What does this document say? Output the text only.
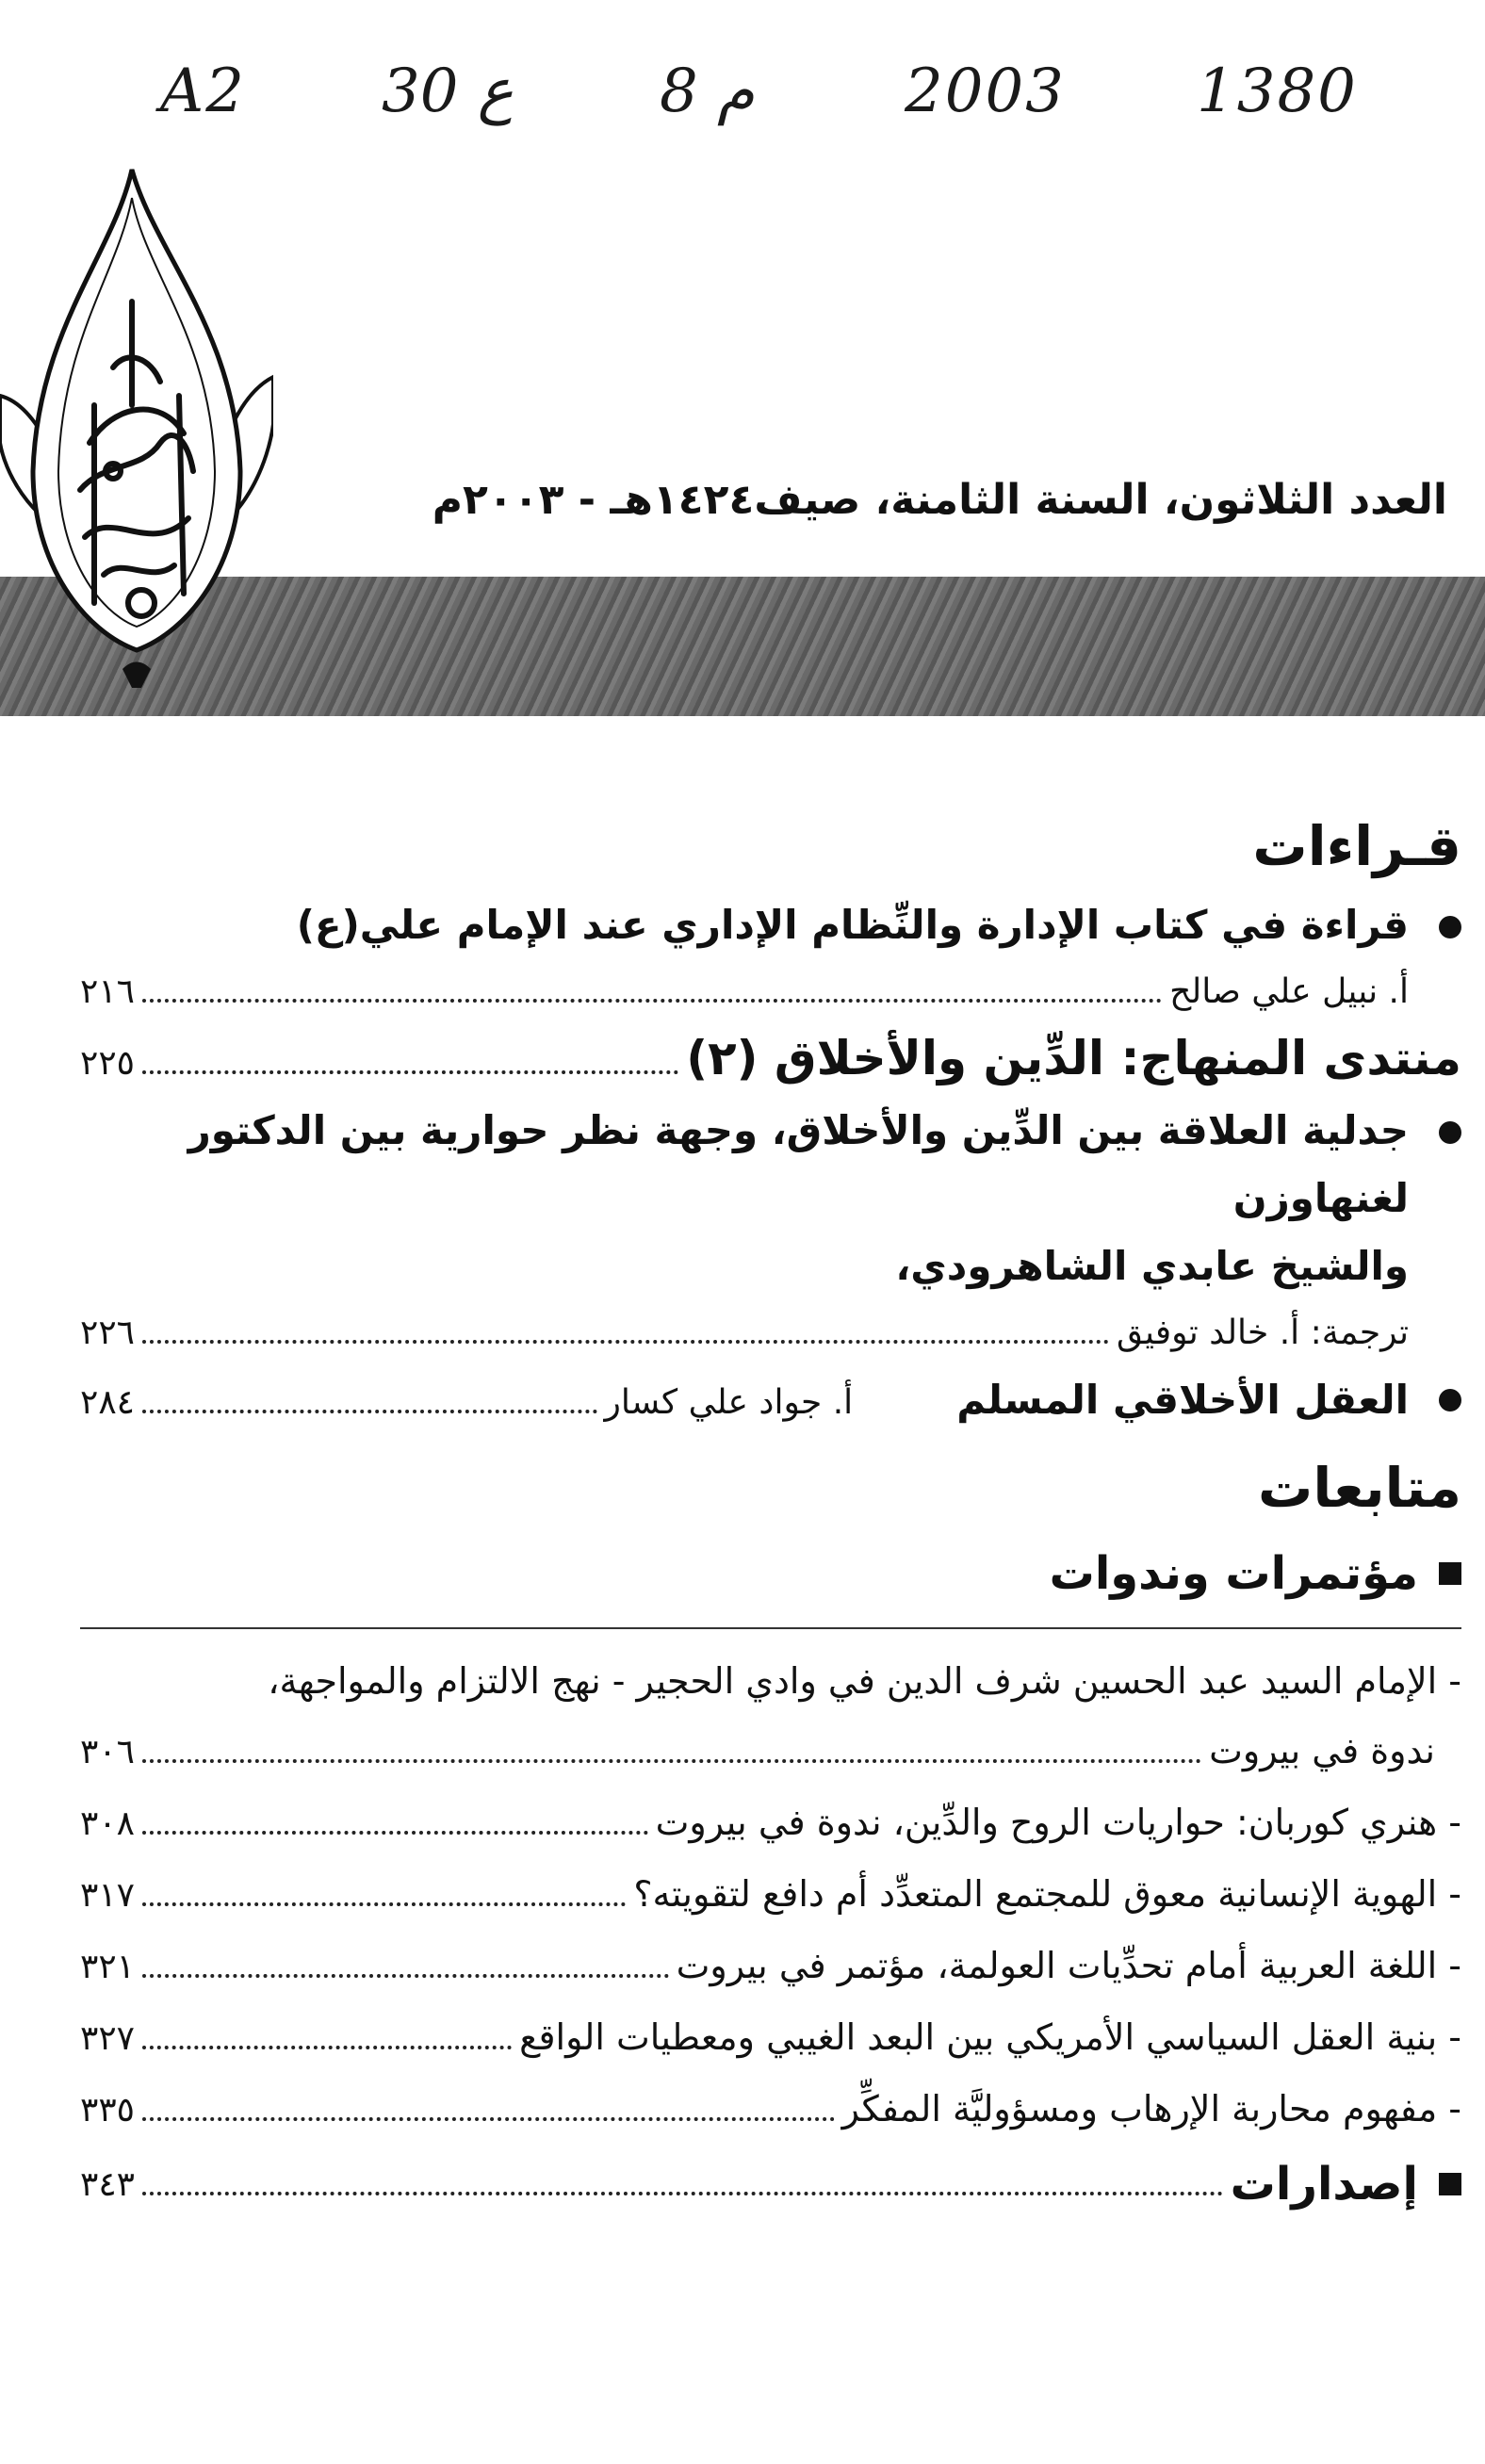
A2 30 ع 8 م 2003 1380
العدد الثلاثون، السنة الثامنة، صيف١٤٢٤هـ - ٢٠٠٣م
قـراءات
قراءة في كتاب الإدارة والنِّظام الإداري عند الإمام علي(ع)
أ. نبيل علي صالح
٢١٦
منتدى المنهاج: الدِّين والأخلاق (٢)
٢٢٥
جدلية العلاقة بين الدِّين والأخلاق، وجهة نظر حوارية بين الدكتور لغنهاوزن
والشيخ عابدي الشاهرودي،
ترجمة: أ. خالد توفيق
٢٢٦
العقل الأخلاقي المسلم
أ. جواد علي كسار
٢٨٤
متابعات
مؤتمرات وندوات
- الإمام السيد عبد الحسين شرف الدين في وادي الحجير - نهج الالتزام والمواجهة،
ندوة في بيروت
٣٠٦
- هنري كوربان: حواريات الروح والدِّين، ندوة في بيروت
٣٠٨
- الهوية الإنسانية معوق للمجتمع المتعدِّد أم دافع لتقويته؟
٣١٧
- اللغة العربية أمام تحدِّيات العولمة، مؤتمر في بيروت
٣٢١
- بنية العقل السياسي الأمريكي بين البعد الغيبي ومعطيات الواقع
٣٢٧
- مفهوم محاربة الإرهاب ومسؤوليَّة المفكِّر
٣٣٥
إصدارات
٣٤٣
